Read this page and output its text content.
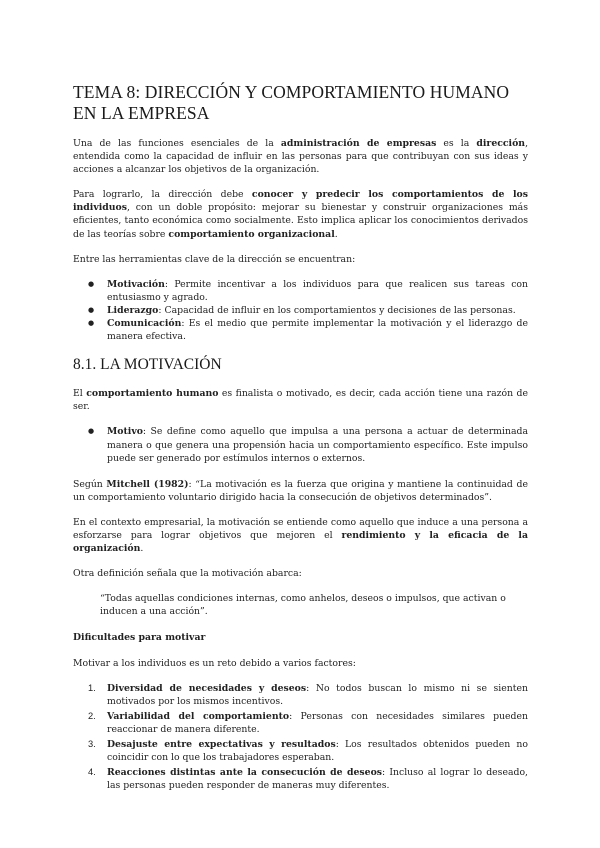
TEMA 8: DIRECCIÓN Y COMPORTAMIENTO HUMANO EN LA EMPRESA

Una de las funciones esenciales de la administración de empresas es la dirección, entendida como la capacidad de influir en las personas para que contribuyan con sus ideas y acciones a alcanzar los objetivos de la organización.

Para lograrlo, la dirección debe conocer y predecir los comportamientos de los individuos, con un doble propósito: mejorar su bienestar y construir organizaciones más eficientes, tanto económica como socialmente. Esto implica aplicar los conocimientos derivados de las teorías sobre comportamiento organizacional.

Entre las herramientas clave de la dirección se encuentran:

● Motivación: Permite incentivar a los individuos para que realicen sus tareas con entusiasmo y agrado.
● Liderazgo: Capacidad de influir en los comportamientos y decisiones de las personas.
● Comunicación: Es el medio que permite implementar la motivación y el liderazgo de manera efectiva.
8.1. LA MOTIVACIÓN

El comportamiento humano es finalista o motivado, es decir, cada acción tiene una razón de ser.

● Motivo: Se define como aquello que impulsa a una persona a actuar de determinada manera o que genera una propensión hacia un comportamiento específico. Este impulso puede ser generado por estímulos internos o externos.

Según Mitchell (1982): “La motivación es la fuerza que origina y mantiene la continuidad de un comportamiento voluntario dirigido hacia la consecución de objetivos determinados”.

En el contexto empresarial, la motivación se entiende como aquello que induce a una persona a esforzarse para lograr objetivos que mejoren el rendimiento y la eficacia de la organización.

Otra definición señala que la motivación abarca:

“Todas aquellas condiciones internas, como anhelos, deseos o impulsos, que activan o inducen a una acción”.

Dificultades para motivar

Motivar a los individuos es un reto debido a varios factores:

1. Diversidad de necesidades y deseos: No todos buscan lo mismo ni se sienten motivados por los mismos incentivos.
2. Variabilidad del comportamiento: Personas con necesidades similares pueden reaccionar de manera diferente.
3. Desajuste entre expectativas y resultados: Los resultados obtenidos pueden no coincidir con lo que los trabajadores esperaban.
4. Reacciones distintas ante la consecución de deseos: Incluso al lograr lo deseado, las personas pueden responder de maneras muy diferentes.
